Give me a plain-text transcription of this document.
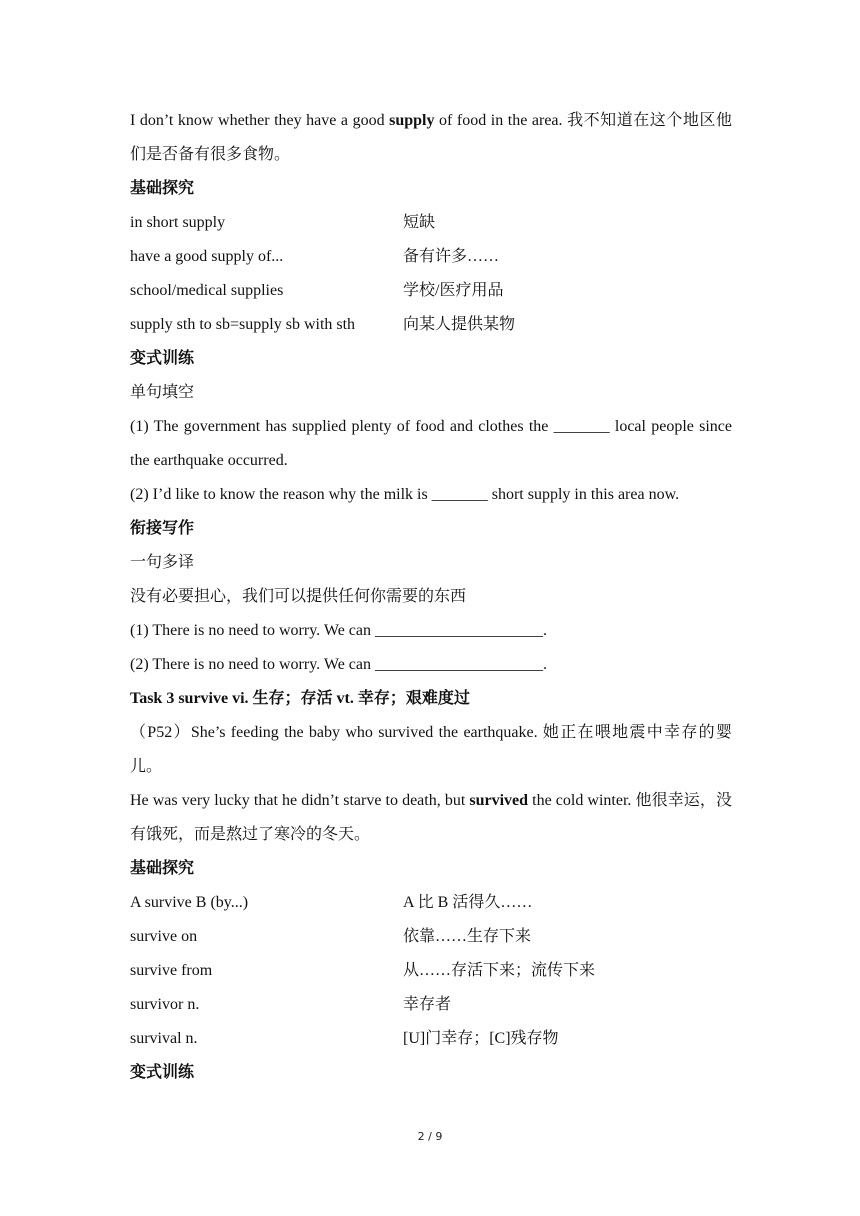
I don’t know whether they have a good supply of food in the area. 我不知道在这个地区他们是否备有很多食物。
基础探究
in short supply	短缺
have a good supply of...	备有许多……
school/medical supplies	学校/医疗用品
supply sth to sb=supply sb with sth	向某人提供某物
变式训练
单句填空
(1) The government has supplied plenty of food and clothes the _______ local people since the earthquake occurred.
(2) I’d like to know the reason why the milk is _______ short supply in this area now.
衔接写作
一句多译
没有必要担心，我们可以提供任何你需要的东西
(1) There is no need to worry. We can _____________________.
(2) There is no need to worry. We can _____________________.
Task 3 survive vi. 生存；存活 vt. 幸存；艰难度过
（P52）She’s feeding the baby who survived the earthquake. 她正在喂地震中幸存的婴儿。
He was very lucky that he didn’t starve to death, but survived the cold winter. 他很幸运，没有饿死，而是熬过了寒冷的冬天。
基础探究
A survive B (by...)	A 比 B 活得久……
survive on	依靠……生存下来
survive from	从……存活下来；流传下来
survivor n.	幸存者
survival n.	[U]门幸存；[C]残存物
变式训练
2 / 9
